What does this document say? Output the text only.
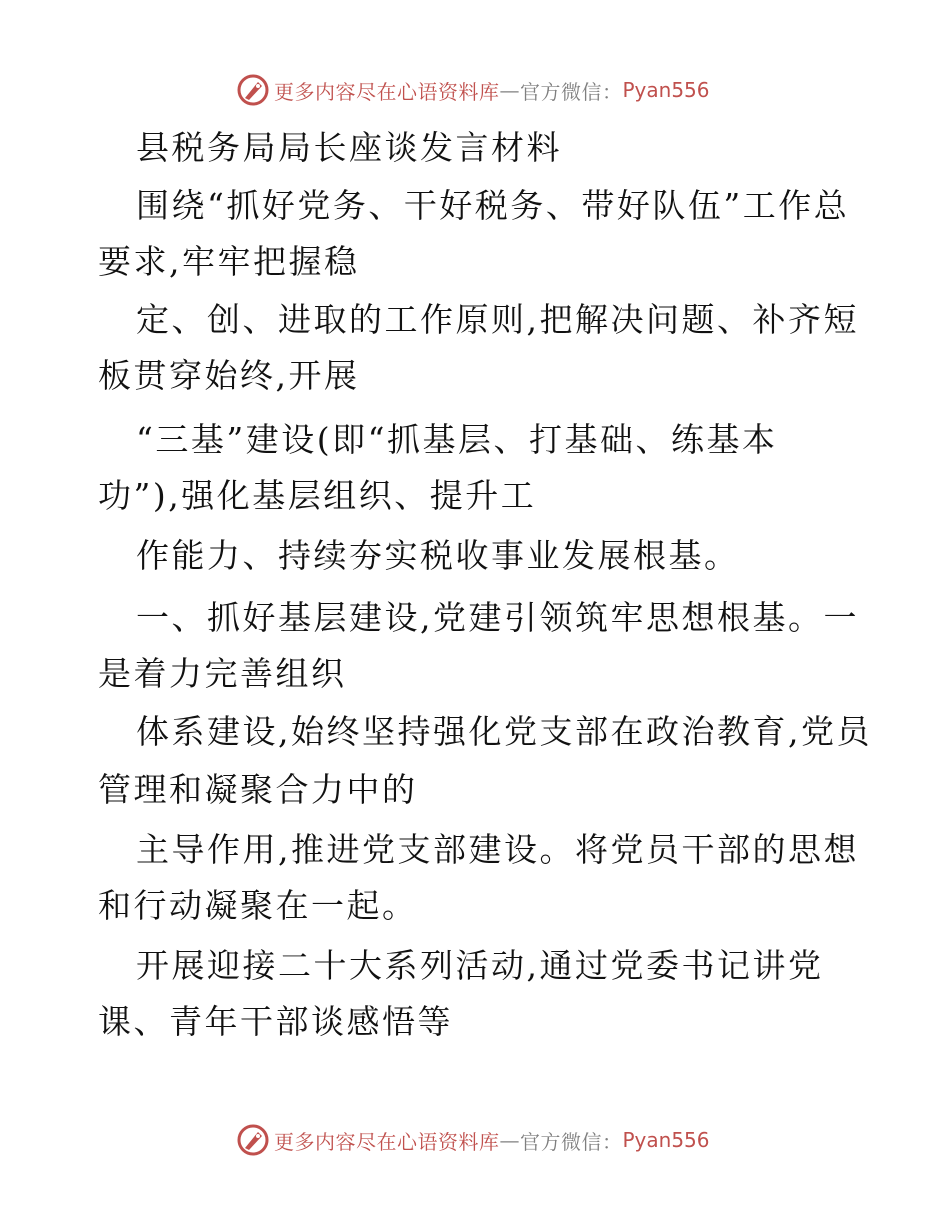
更多内容尽在心语资料库 — 官方微信： Pyan556
县税务局局长座谈发言材料
围绕“抓好党务、干好税务、带好队伍”工作总
要求,牢牢把握稳
定、创、进取的工作原则,把解决问题、补齐短
板贯穿始终,开展
“三基”建设(即“抓基层、打基础、练基本
功”),强化基层组织、提升工
作能力、持续夯实税收事业发展根基。
一、抓好基层建设,党建引领筑牢思想根基。一
是着力完善组织
体系建设,始终坚持强化党支部在政治教育,党员
管理和凝聚合力中的
主导作用,推进党支部建设。将党员干部的思想
和行动凝聚在一起。
开展迎接二十大系列活动,通过党委书记讲党
课、青年干部谈感悟等
更多内容尽在心语资料库 — 官方微信： Pyan556
